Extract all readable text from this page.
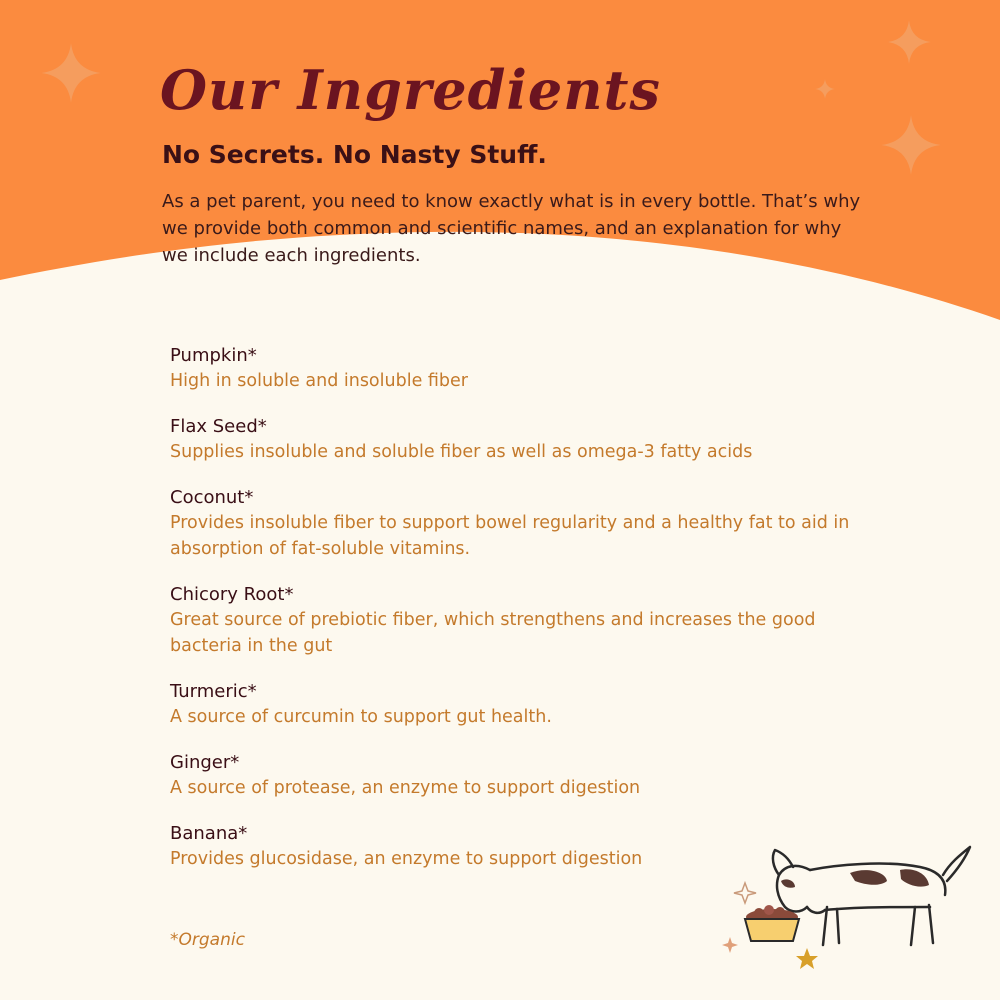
Our Ingredients
No Secrets. No Nasty Stuff.

As a pet parent, you need to know exactly what is in every bottle. That’s why we provide both common and scientific names, and an explanation for why we include each ingredients.

Pumpkin*
High in soluble and insoluble fiber
Flax Seed*
Supplies insoluble and soluble fiber as well as omega-3 fatty acids
Coconut*
Provides insoluble fiber to support bowel regularity and a healthy fat to aid in absorption of fat-soluble vitamins.
Chicory Root*
Great source of prebiotic fiber, which strengthens and increases the good bacteria in the gut
Turmeric*
A source of curcumin to support gut health.
Ginger*
A source of protease, an enzyme to support digestion
Banana*
Provides glucosidase, an enzyme to support digestion
*Organic
